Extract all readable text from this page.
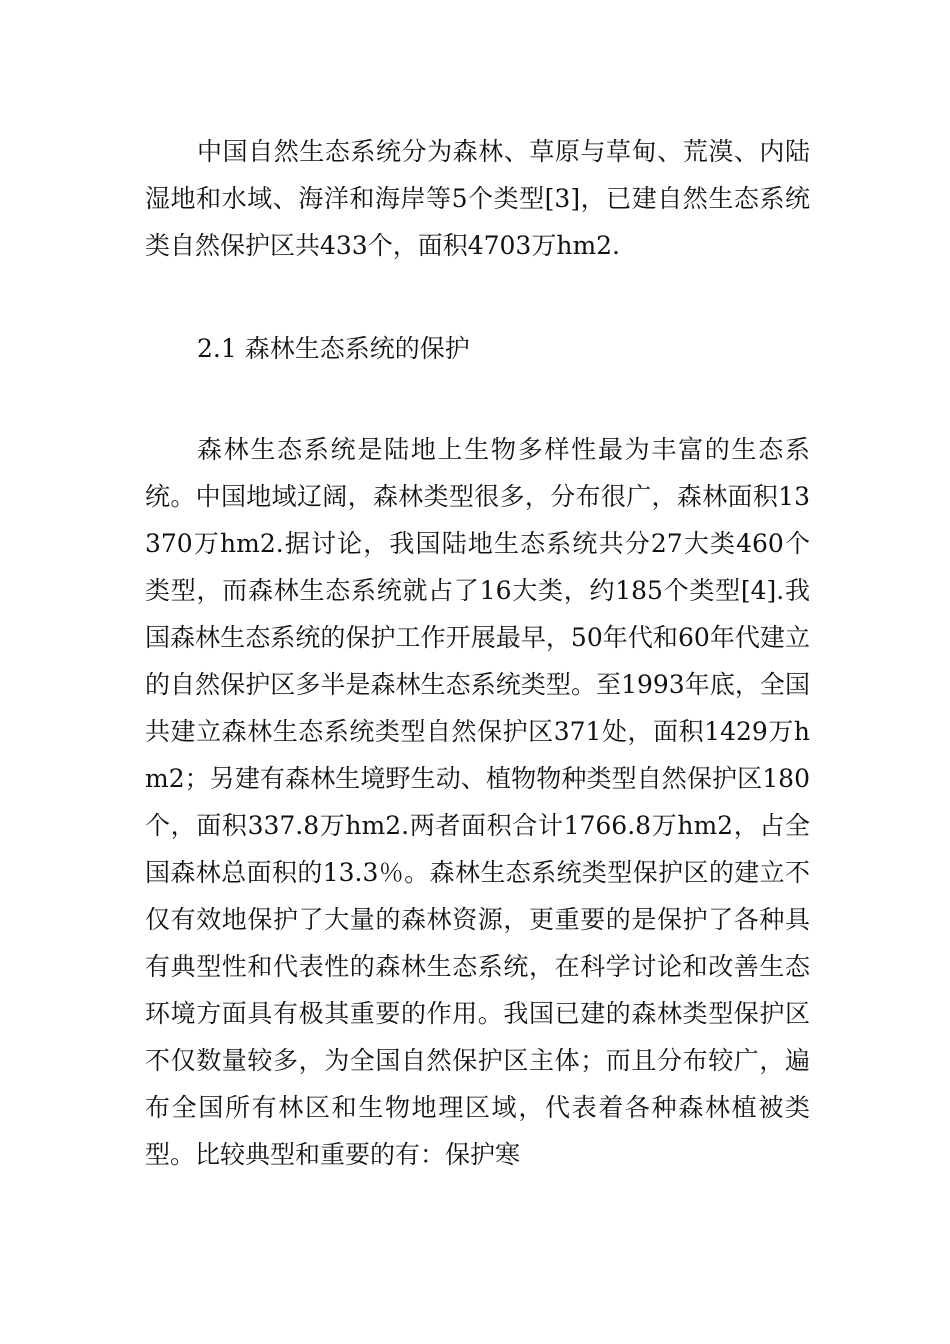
中国自然生态系统分为森林、草原与草甸、荒漠、内陆湿地和水域、海洋和海岸等5个类型[3]，已建自然生态系统类自然保护区共433个，面积4703万hm2.

2.1 森林生态系统的保护

森林生态系统是陆地上生物多样性最为丰富的生态系统。中国地域辽阔，森林类型很多，分布很广，森林面积13370万hm2.据讨论，我国陆地生态系统共分27大类460个类型，而森林生态系统就占了16大类，约185个类型[4].我国森林生态系统的保护工作开展最早，50年代和60年代建立的自然保护区多半是森林生态系统类型。至1993年底，全国共建立森林生态系统类型自然保护区371处，面积1429万hm2；另建有森林生境野生动、植物物种类型自然保护区180个，面积337.8万hm2.两者面积合计1766.8万hm2，占全国森林总面积的13.3％。森林生态系统类型保护区的建立不仅有效地保护了大量的森林资源，更重要的是保护了各种具有典型性和代表性的森林生态系统，在科学讨论和改善生态环境方面具有极其重要的作用。我国已建的森林类型保护区不仅数量较多，为全国自然保护区主体；而且分布较广，遍布全国所有林区和生物地理区域，代表着各种森林植被类型。比较典型和重要的有：保护寒
